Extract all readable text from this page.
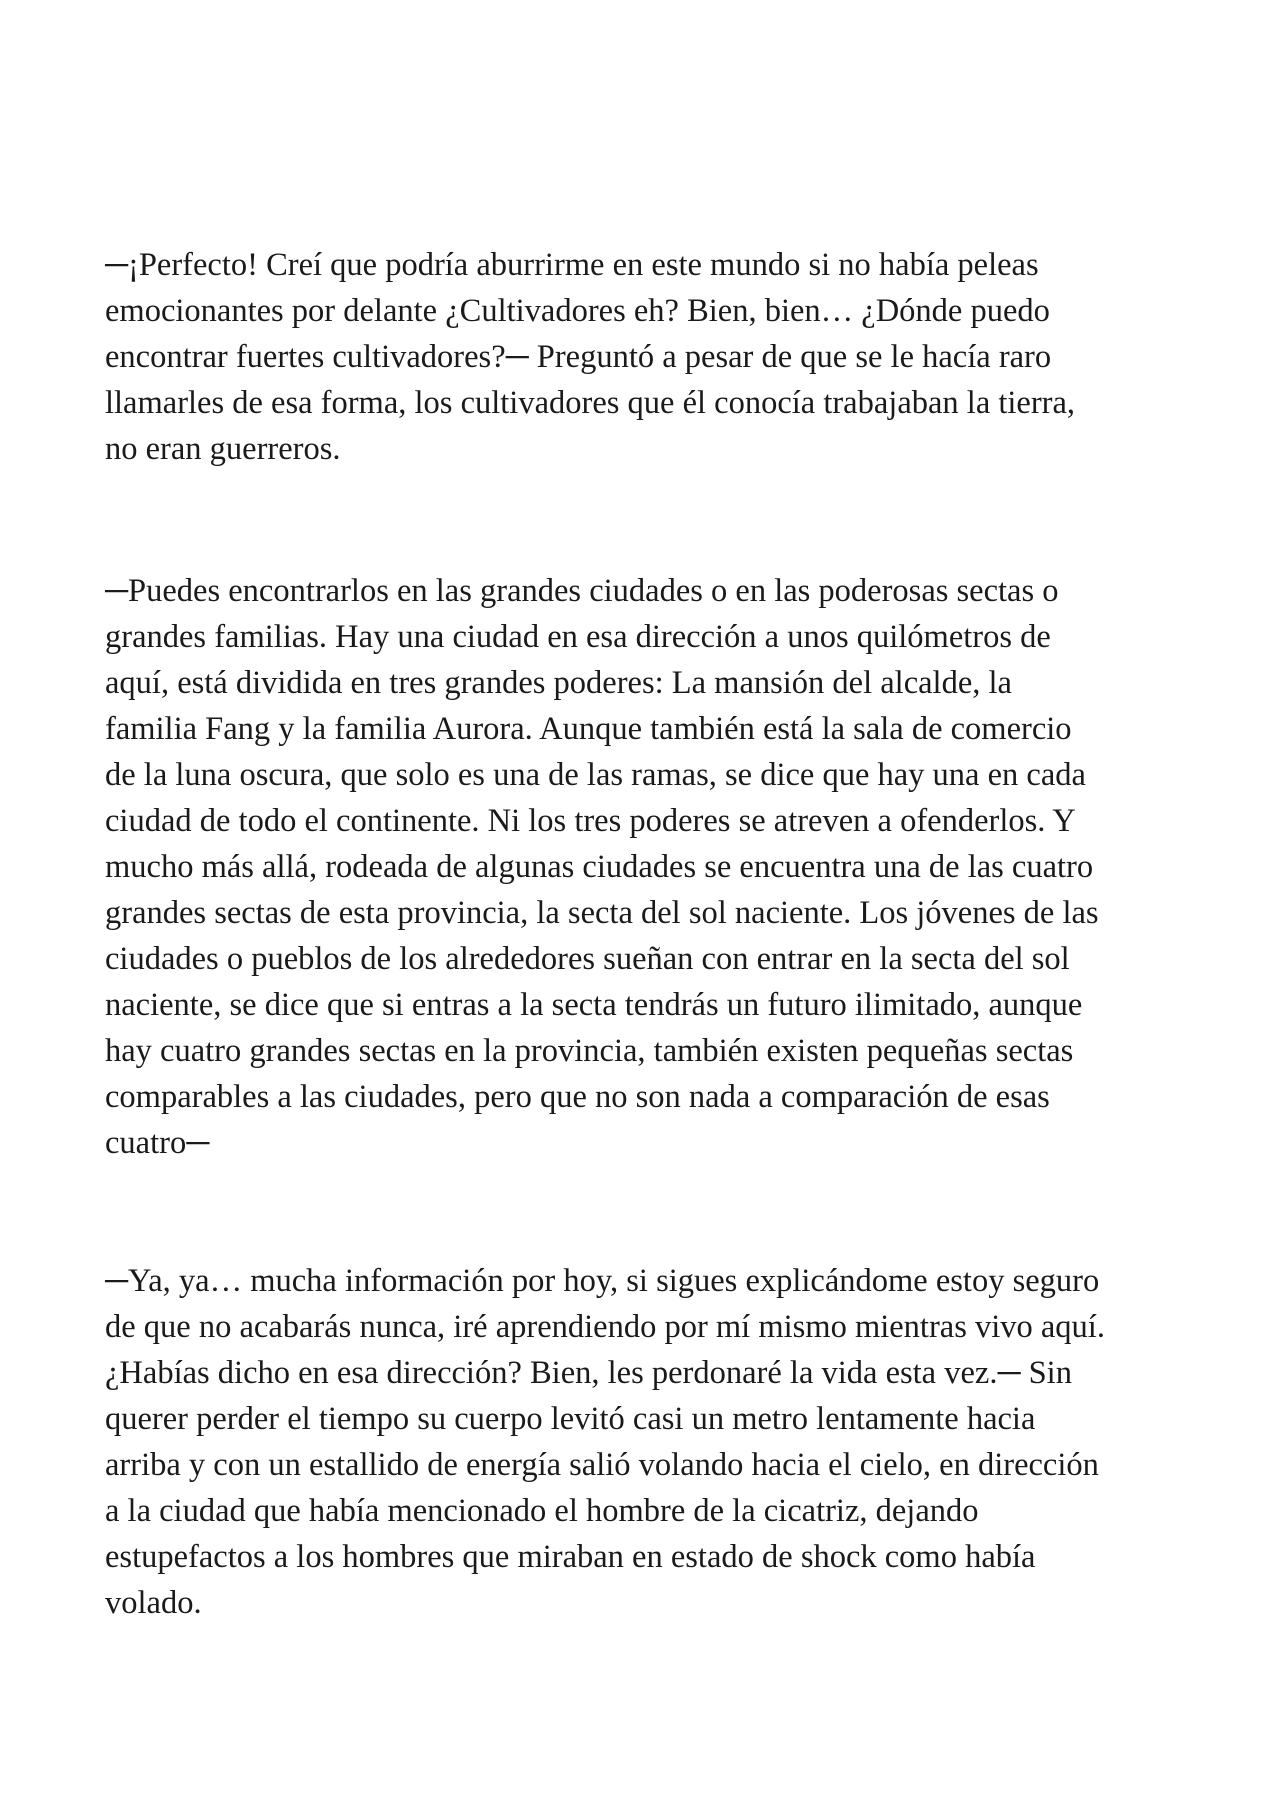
─¡Perfecto! Creí que podría aburrirme en este mundo si no había peleas
emocionantes por delante ¿Cultivadores eh? Bien, bien… ¿Dónde puedo
encontrar fuertes cultivadores?─ Preguntó a pesar de que se le hacía raro
llamarles de esa forma, los cultivadores que él conocía trabajaban la tierra,
no eran guerreros.

─Puedes encontrarlos en las grandes ciudades o en las poderosas sectas o
grandes familias. Hay una ciudad en esa dirección a unos quilómetros de
aquí, está dividida en tres grandes poderes: La mansión del alcalde, la
familia Fang y la familia Aurora. Aunque también está la sala de comercio
de la luna oscura, que solo es una de las ramas, se dice que hay una en cada
ciudad de todo el continente. Ni los tres poderes se atreven a ofenderlos. Y
mucho más allá, rodeada de algunas ciudades se encuentra una de las cuatro
grandes sectas de esta provincia, la secta del sol naciente. Los jóvenes de las
ciudades o pueblos de los alrededores sueñan con entrar en la secta del sol
naciente, se dice que si entras a la secta tendrás un futuro ilimitado, aunque
hay cuatro grandes sectas en la provincia, también existen pequeñas sectas
comparables a las ciudades, pero que no son nada a comparación de esas
cuatro─

─Ya, ya… mucha información por hoy, si sigues explicándome estoy seguro
de que no acabarás nunca, iré aprendiendo por mí mismo mientras vivo aquí.
¿Habías dicho en esa dirección? Bien, les perdonaré la vida esta vez.─ Sin
querer perder el tiempo su cuerpo levitó casi un metro lentamente hacia
arriba y con un estallido de energía salió volando hacia el cielo, en dirección
a la ciudad que había mencionado el hombre de la cicatriz, dejando
estupefactos a los hombres que miraban en estado de shock como había
volado.
